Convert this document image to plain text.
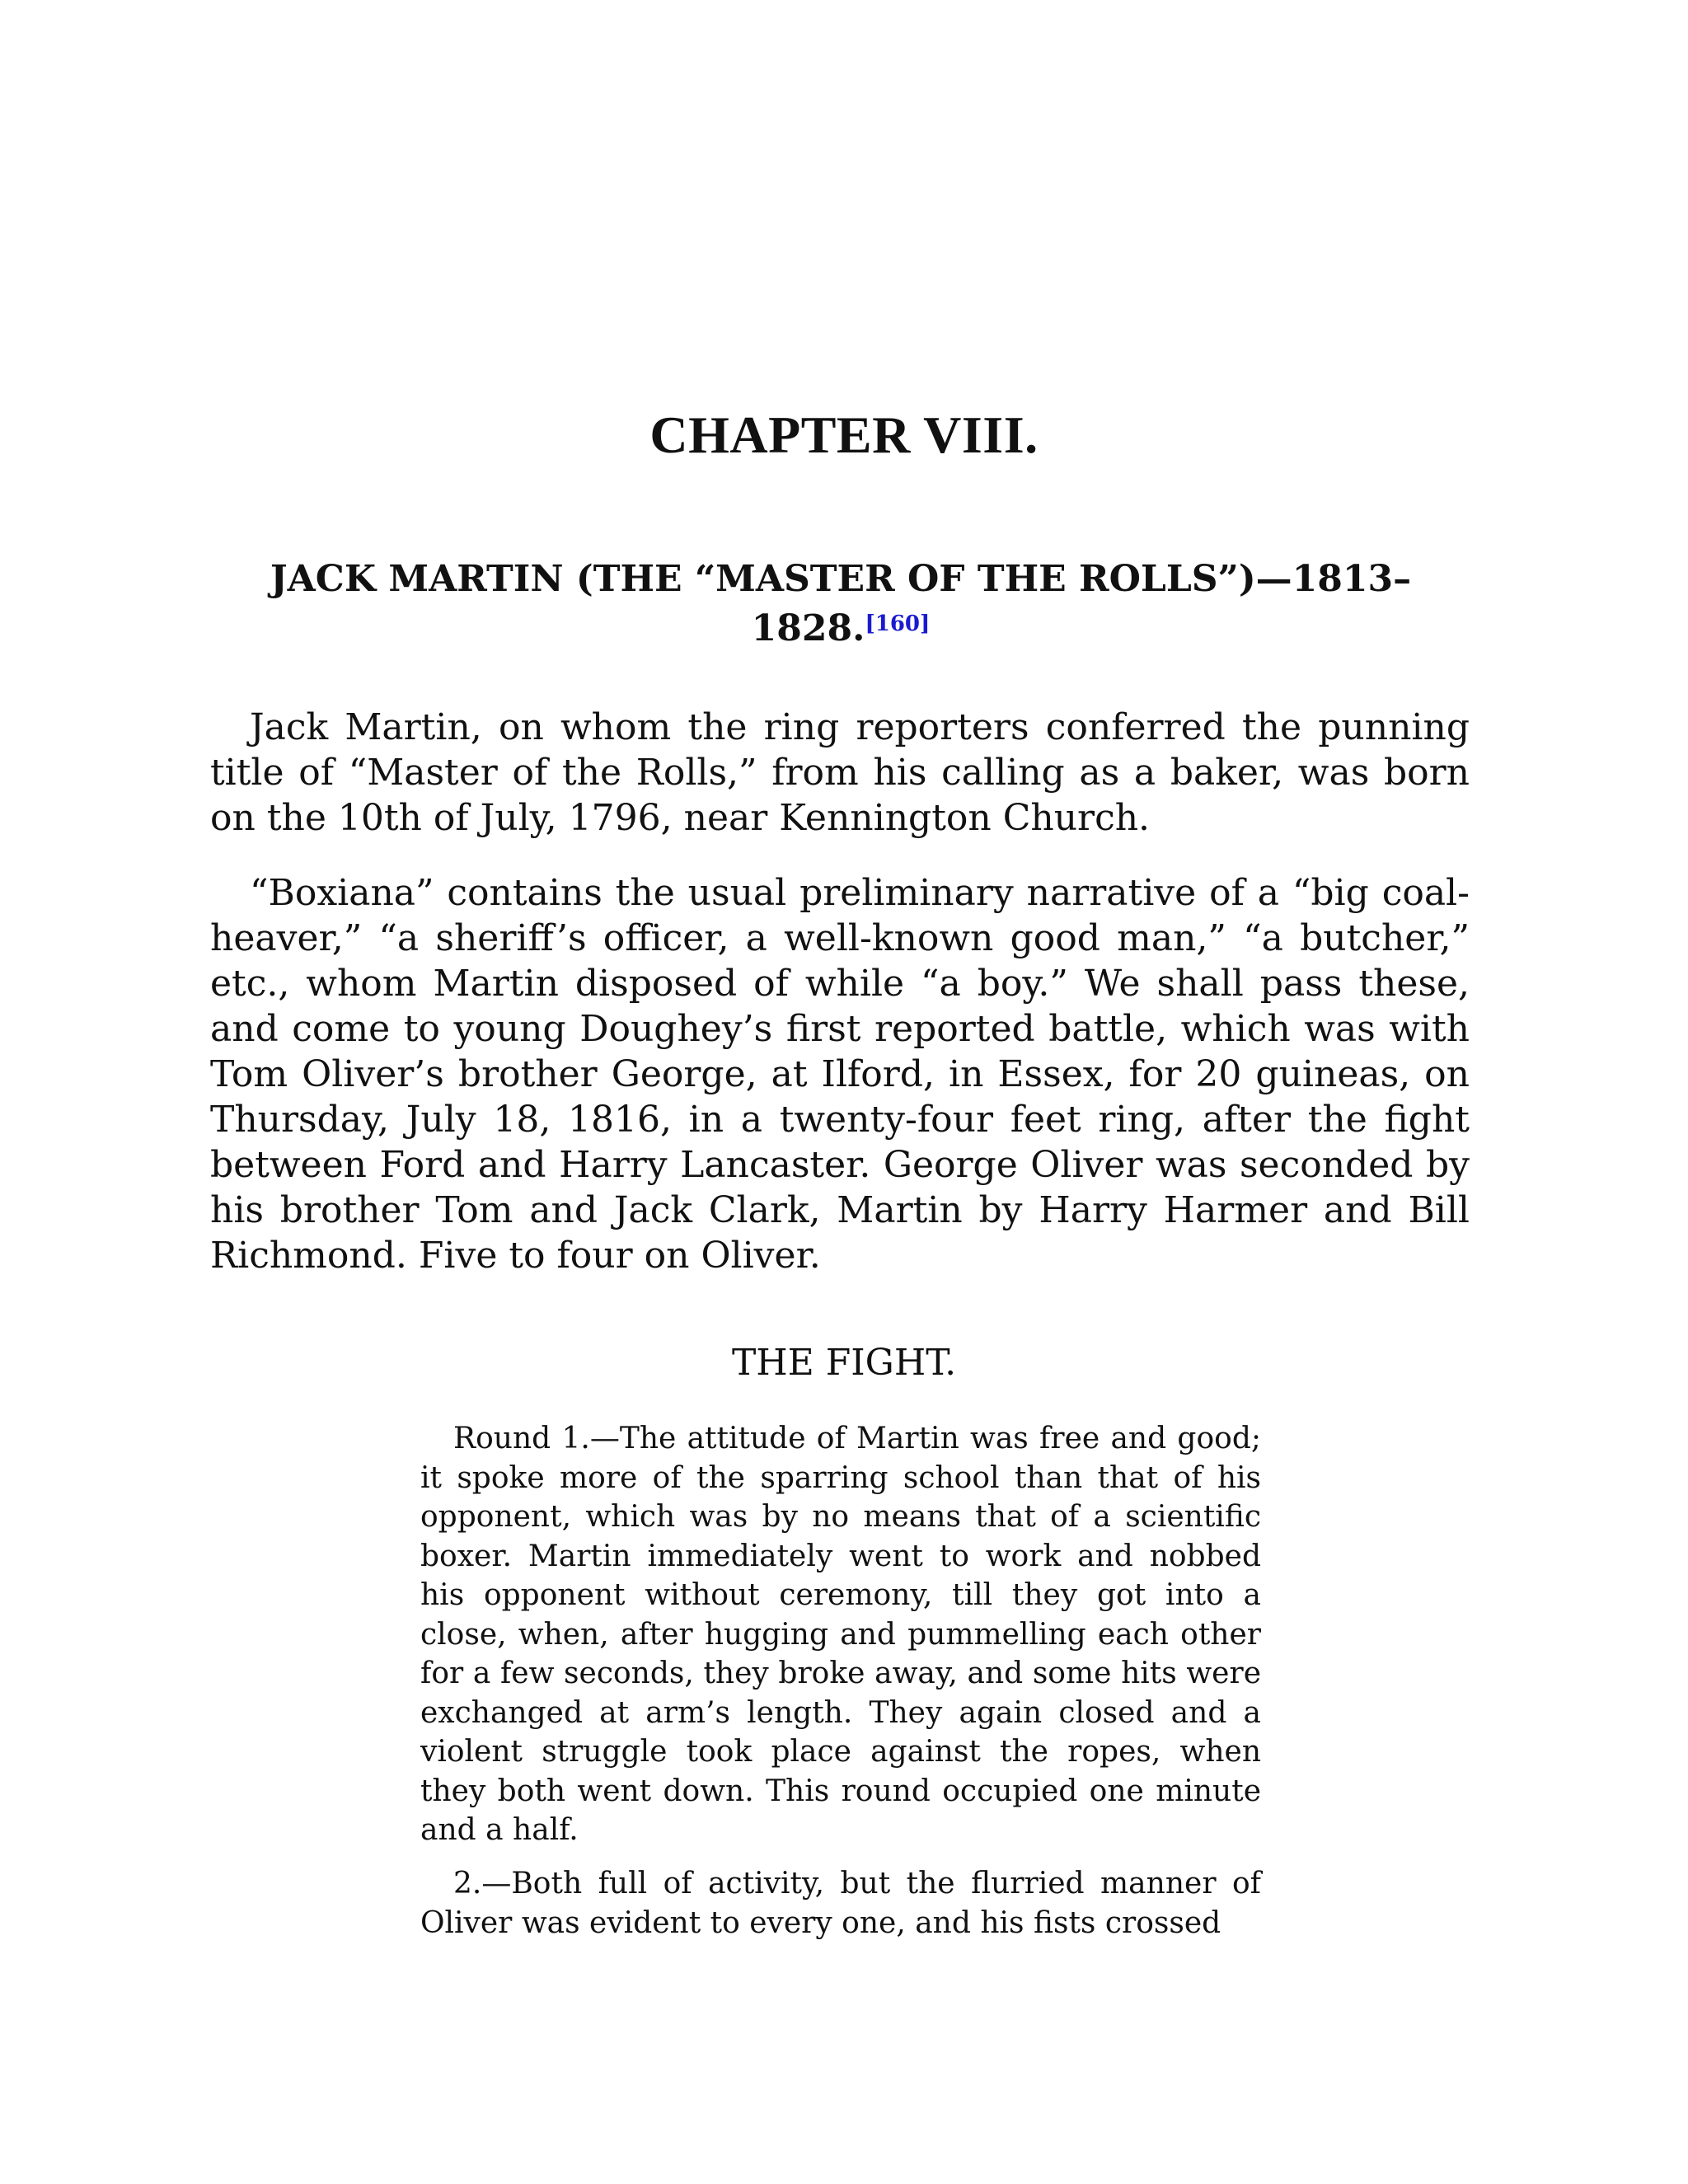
CHAPTER VIII.
JACK MARTIN (THE “MASTER OF THE ROLLS”)—1813–
1828.[160]

Jack Martin, on whom the ring reporters conferred the punning title of “Master of the Rolls,” from his calling as a baker, was born on the 10th of July, 1796, near Kennington Church.

“Boxiana” contains the usual preliminary narrative of a “big coal-heaver,” “a sheriff’s officer, a well-known good man,” “a butcher,” etc., whom Martin disposed of while “a boy.” We shall pass these, and come to young Doughey’s first reported battle, which was with Tom Oliver’s brother George, at Ilford, in Essex, for 20 guineas, on Thursday, July 18, 1816, in a twenty-four feet ring, after the fight between Ford and Harry Lancaster. George Oliver was seconded by his brother Tom and Jack Clark, Martin by Harry Harmer and Bill Richmond. Five to four on Oliver.

THE FIGHT.

Round 1.—The attitude of Martin was free and good; it spoke more of the sparring school than that of his opponent, which was by no means that of a scientific boxer. Martin immediately went to work and nobbed his opponent without ceremony, till they got into a close, when, after hugging and pummelling each other for a few seconds, they broke away, and some hits were exchanged at arm’s length. They again closed and a violent struggle took place against the ropes, when they both went down. This round occupied one minute and a half.

2.—Both full of activity, but the flurried manner of Oliver was evident to every one, and his fists crossed
